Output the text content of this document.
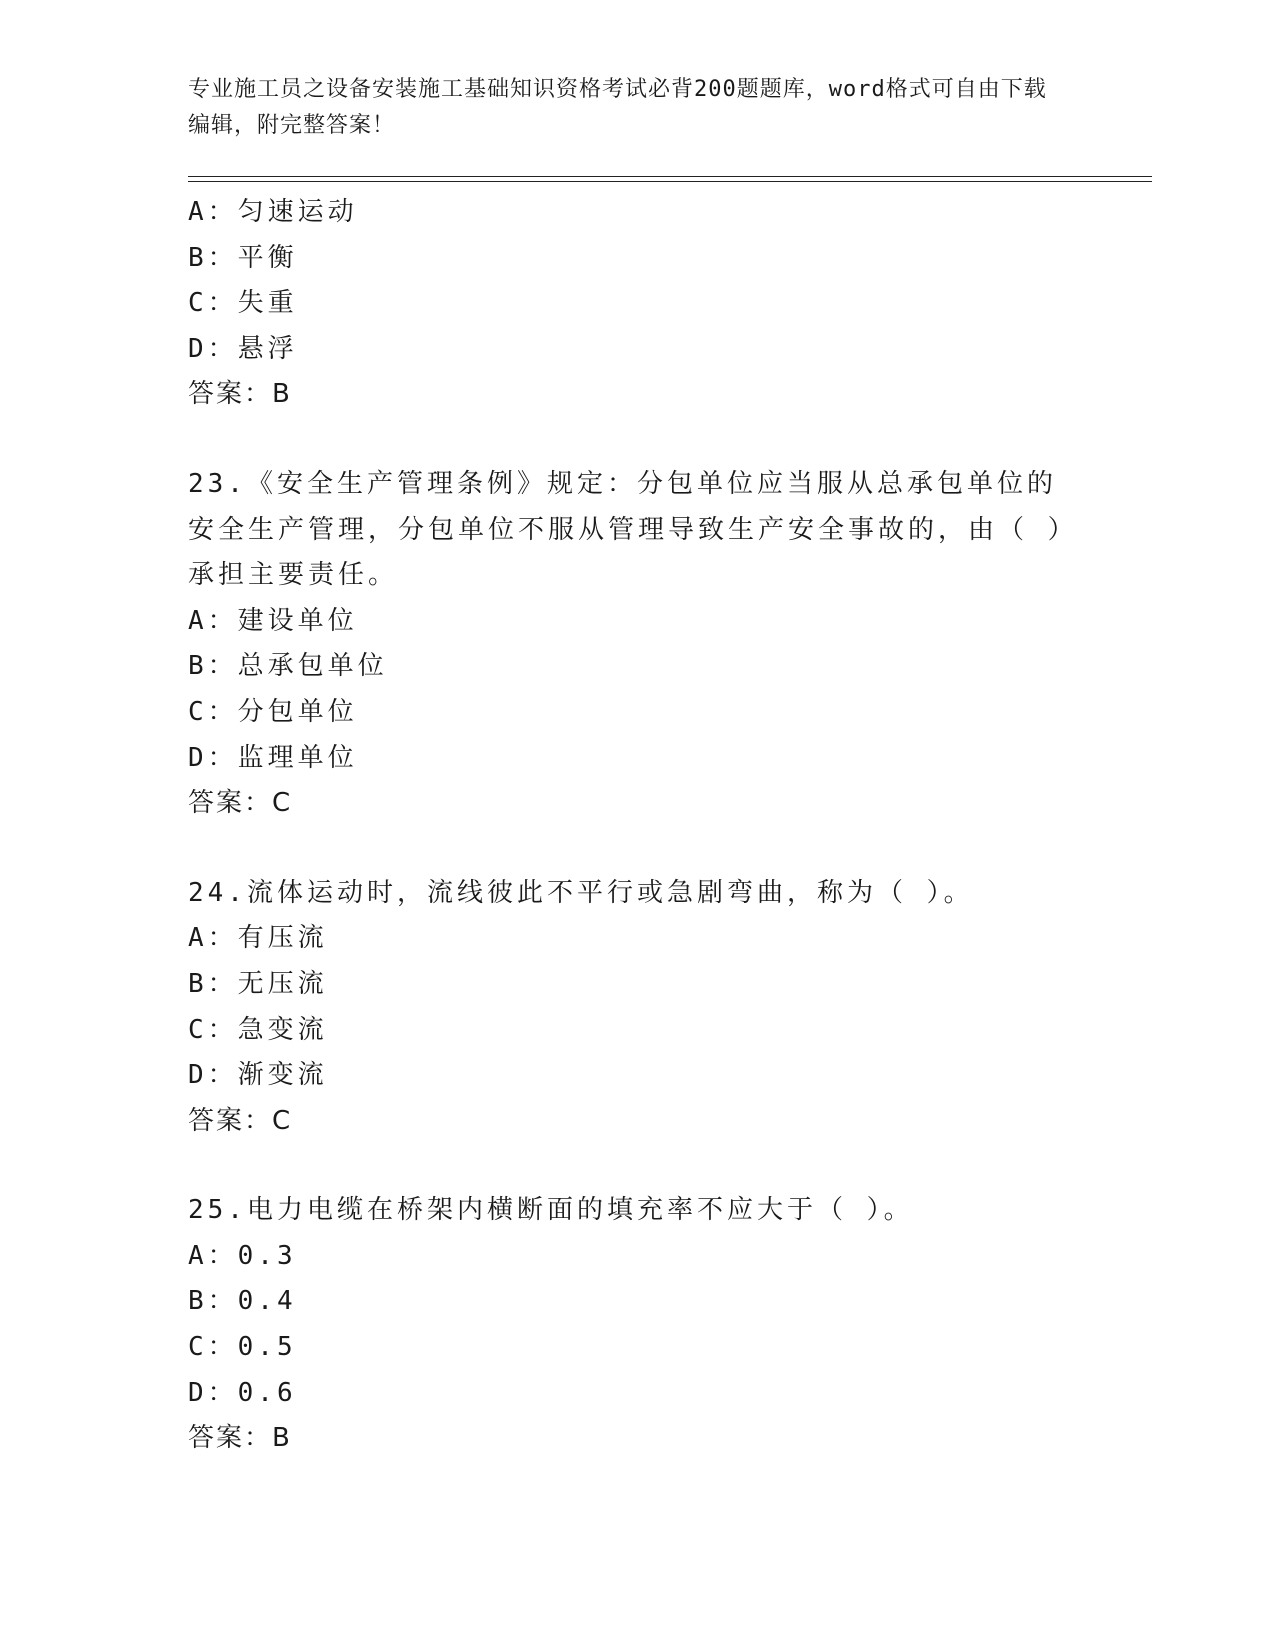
专业施工员之设备安装施工基础知识资格考试必背200题题库，word格式可自由下载编辑，附完整答案！
A：匀速运动
B：平衡
C：失重
D：悬浮
答案：B
23.《安全生产管理条例》规定：分包单位应当服从总承包单位的安全生产管理，分包单位不服从管理导致生产安全事故的，由（ ）承担主要责任。
A：建设单位
B：总承包单位
C：分包单位
D：监理单位
答案：C
24.流体运动时，流线彼此不平行或急剧弯曲，称为（ ）。
A：有压流
B：无压流
C：急变流
D：渐变流
答案：C
25.电力电缆在桥架内横断面的填充率不应大于（ ）。
A：0.3
B：0.4
C：0.5
D：0.6
答案：B
